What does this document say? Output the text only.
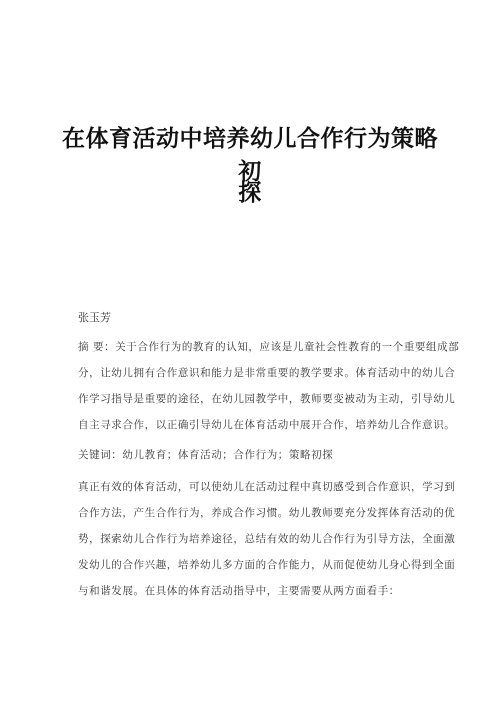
在体育活动中培养幼儿合作行为策略初
探
张玉芳
摘 要：关于合作行为的教育的认知，应该是儿童社会性教育的一个重要组成部
分，让幼儿拥有合作意识和能力是非常重要的教学要求。体育活动中的幼儿合
作学习指导是重要的途径，在幼儿园教学中，教师要变被动为主动，引导幼儿
自主寻求合作，以正确引导幼儿在体育活动中展开合作，培养幼儿合作意识。
关键词：幼儿教育；体育活动；合作行为；策略初探
真正有效的体育活动，可以使幼儿在活动过程中真切感受到合作意识，学习到
合作方法，产生合作行为，养成合作习惯。幼儿教师要充分发挥体育活动的优
势，探索幼儿合作行为培养途径，总结有效的幼儿合作行为引导方法，全面激
发幼儿的合作兴趣，培养幼儿多方面的合作能力，从而促使幼儿身心得到全面
与和谐发展。在具体的体育活动指导中，主要需要从两方面看手：
